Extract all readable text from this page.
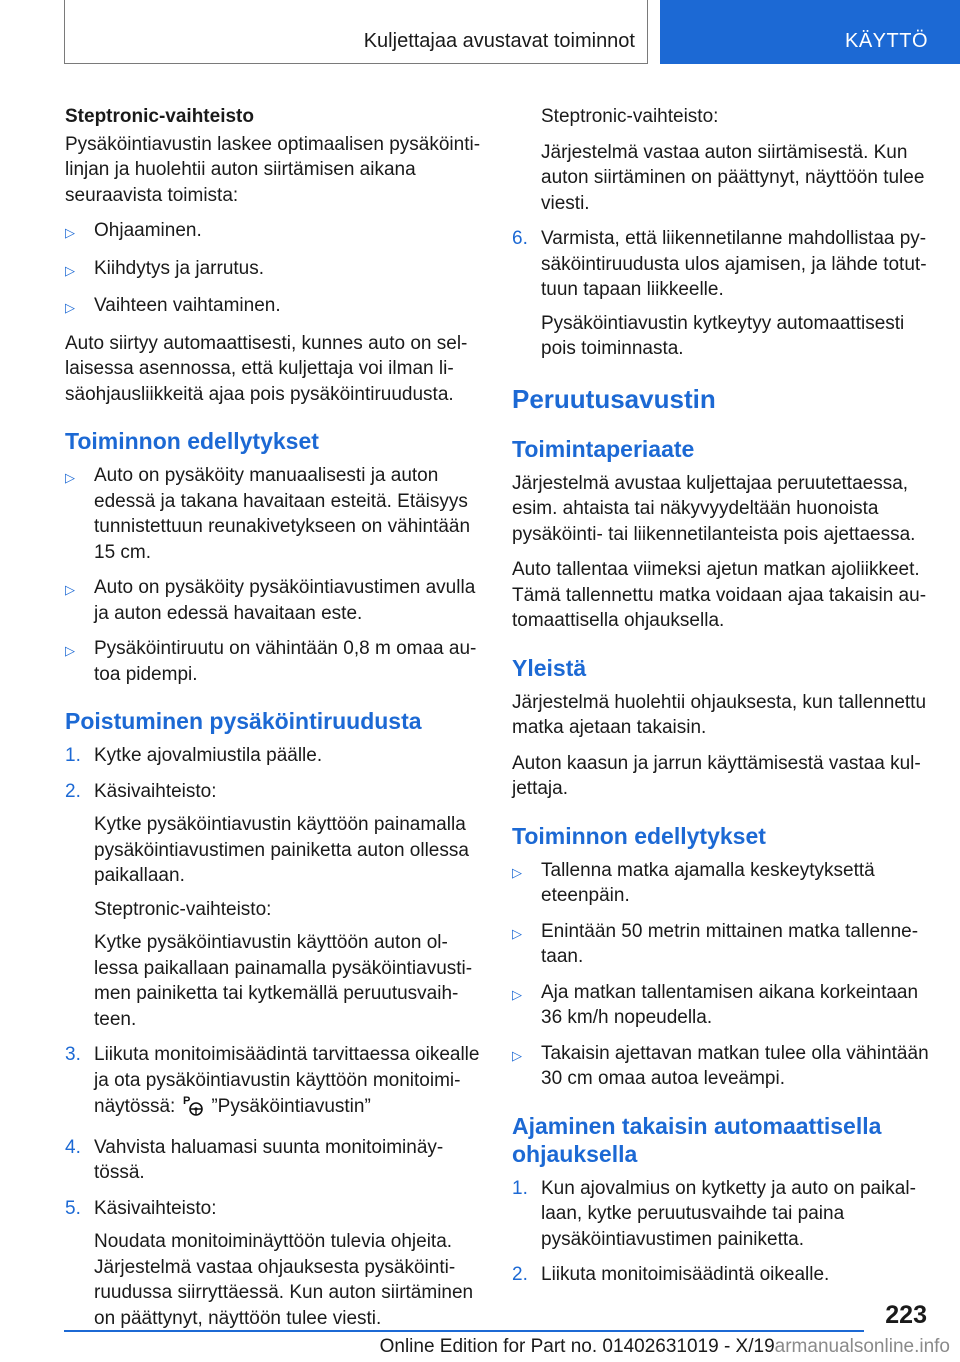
Kuljettajaa avustavat toiminnot	KÄYTTÖ

Steptronic-vaihteisto

Pysäköintiavustin laskee optimaalisen pysäköintilinjan ja huolehtii auton siirtämisen aikana seuraavista toimista:

▷	Ohjaaminen.

▷	Kiihdytys ja jarrutus.

▷	Vaihteen vaihtaminen.

Auto siirtyy automaattisesti, kunnes auto on sellaisessa asennossa, että kuljettaja voi ilman lisäohjausliikkeitä ajaa pois pysäköintiruudusta.

Toiminnon edellytykset
▷	Auto on pysäköity manuaalisesti ja auton edessä ja takana havaitaan esteitä. Etäisyys tunnistettuun reunakivetykseen on vähintään 15 cm.

▷	Auto on pysäköity pysäköintiavustimen avulla ja auton edessä havaitaan este.

▷	Pysäköintiruutu on vähintään 0,8 m omaa autoa pidempi.

Poistuminen pysäköintiruudusta
1. Kytke ajovalmiustila päälle.

2. Käsivaihteisto:

Kytke pysäköintiavustin käyttöön painamalla pysäköintiavustimen painiketta auton ollessa paikallaan.

Steptronic-vaihteisto:

Kytke pysäköintiavustin käyttöön auton ollessa paikallaan painamalla pysäköintiavustimen painiketta tai kytkemällä peruutusvaihteen.

3. Liikuta monitoimisäädintä tarvittaessa oikealle ja ota pysäköintiavustin käyttöön monitoiminäytössä: P ”Pysäköintiavustin”

4. Vahvista haluamasi suunta monitoiminäytössä.

5. Käsivaihteisto:

Noudata monitoiminäyttöön tulevia ohjeita. Järjestelmä vastaa ohjauksesta pysäköintiruudussa siirryttäessä. Kun auton siirtäminen on päättynyt, näyttöön tulee viesti.

Steptronic-vaihteisto:

Järjestelmä vastaa auton siirtämisestä. Kun auton siirtäminen on päättynyt, näyttöön tulee viesti.

6. Varmista, että liikennetilanne mahdollistaa pysäköintiruudusta ulos ajamisen, ja lähde totuttuun tapaan liikkeelle.

Pysäköintiavustin kytkeytyy automaattisesti pois toiminnasta.

Peruutusavustin
Toimintaperiaate

Järjestelmä avustaa kuljettajaa peruutettaessa, esim. ahtaista tai näkyvyydeltään huonoista pysäköinti- tai liikennetilanteista pois ajettaessa.

Auto tallentaa viimeksi ajetun matkan ajoliikkeet. Tämä tallennettu matka voidaan ajaa takaisin automaattisella ohjauksella.

Yleistä

Järjestelmä huolehtii ohjauksesta, kun tallennettu matka ajetaan takaisin.

Auton kaasun ja jarrun käyttämisestä vastaa kuljettaja.

Toiminnon edellytykset
▷	Tallenna matka ajamalla keskeytyksettä eteenpäin.

▷	Enintään 50 metrin mittainen matka tallennetaan.

▷	Aja matkan tallentamisen aikana korkeintaan 36 km/h nopeudella.

▷	Takaisin ajettavan matkan tulee olla vähintään 30 cm omaa autoa leveämpi.

Ajaminen takaisin automaattisella ohjauksella
1. Kun ajovalmius on kytketty ja auto on paikallaan, kytke peruutusvaihde tai paina pysäköintiavustimen painiketta.

2. Liikuta monitoimisäädintä oikealle.

223
Online Edition for Part no. 01402631019 - X/19armanualsonline.info
